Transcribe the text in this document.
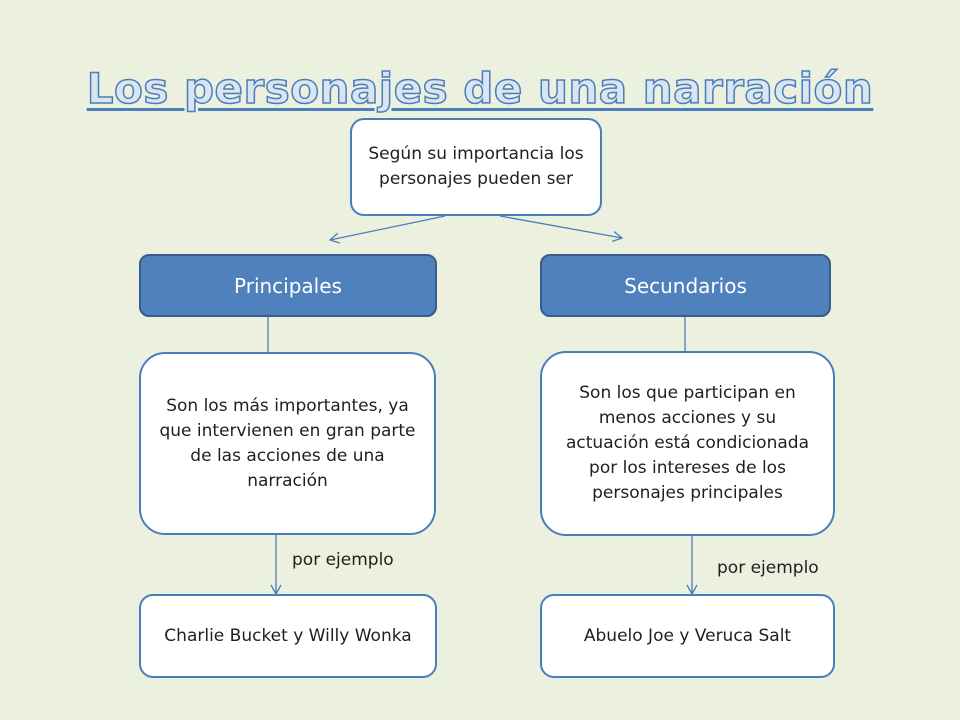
Los personajes de una narración
Según su importancia los personajes pueden ser
Principales	Secundarios
Son los más importantes, ya que intervienen en gran parte de las acciones de una narración
Son los que participan en menos acciones y su actuación está condicionada por los intereses de los personajes principales
por ejemplo	por ejemplo
Charlie Bucket y Willy Wonka	Abuelo Joe y Veruca Salt
